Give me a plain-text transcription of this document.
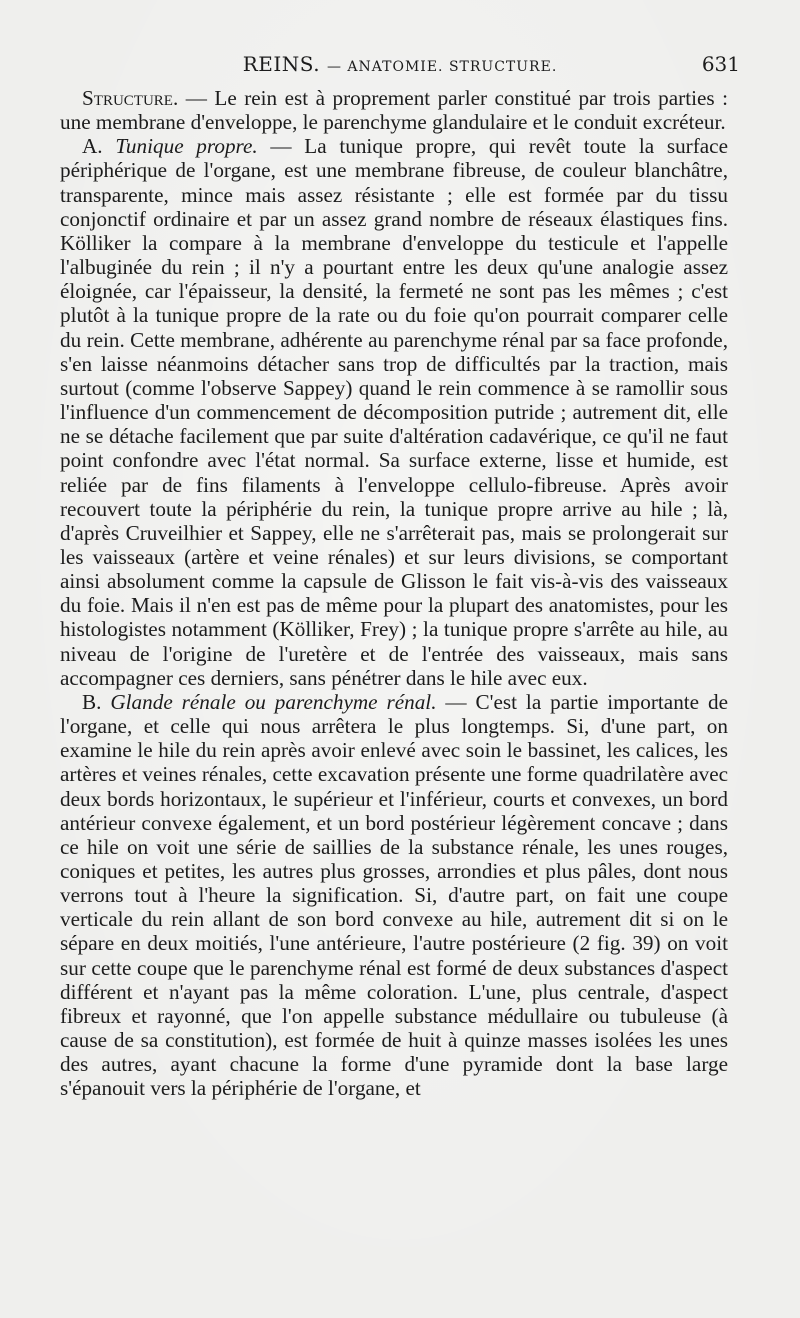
REINS. — ANATOMIE. STRUCTURE.	631

Structure. — Le rein est à proprement parler constitué par trois parties : une membrane d'enveloppe, le parenchyme glandulaire et le conduit excréteur.

A. Tunique propre. — La tunique propre, qui revêt toute la surface périphérique de l'organe, est une membrane fibreuse, de couleur blanchâtre, transparente, mince mais assez résistante ; elle est formée par du tissu conjonctif ordinaire et par un assez grand nombre de réseaux élastiques fins. Kölliker la compare à la membrane d'enveloppe du testicule et l'appelle l'albuginée du rein ; il n'y a pourtant entre les deux qu'une analogie assez éloignée, car l'épaisseur, la densité, la fermeté ne sont pas les mêmes ; c'est plutôt à la tunique propre de la rate ou du foie qu'on pourrait comparer celle du rein. Cette membrane, adhérente au parenchyme rénal par sa face profonde, s'en laisse néanmoins détacher sans trop de difficultés par la traction, mais surtout (comme l'observe Sappey) quand le rein commence à se ramollir sous l'influence d'un commencement de décomposition putride ; autrement dit, elle ne se détache facilement que par suite d'altération cadavérique, ce qu'il ne faut point confondre avec l'état normal. Sa surface externe, lisse et humide, est reliée par de fins filaments à l'enveloppe cellulo-fibreuse. Après avoir recouvert toute la périphérie du rein, la tunique propre arrive au hile ; là, d'après Cruveilhier et Sappey, elle ne s'arrêterait pas, mais se prolongerait sur les vaisseaux (artère et veine rénales) et sur leurs divisions, se comportant ainsi absolument comme la capsule de Glisson le fait vis-à-vis des vaisseaux du foie. Mais il n'en est pas de même pour la plupart des anatomistes, pour les histologistes notamment (Kölliker, Frey) ; la tunique propre s'arrête au hile, au niveau de l'origine de l'uretère et de l'entrée des vaisseaux, mais sans accompagner ces derniers, sans pénétrer dans le hile avec eux.

B. Glande rénale ou parenchyme rénal. — C'est la partie importante de l'organe, et celle qui nous arrêtera le plus longtemps. Si, d'une part, on examine le hile du rein après avoir enlevé avec soin le bassinet, les calices, les artères et veines rénales, cette excavation présente une forme quadrilatère avec deux bords horizontaux, le supérieur et l'inférieur, courts et convexes, un bord antérieur convexe également, et un bord postérieur légèrement concave ; dans ce hile on voit une série de saillies de la substance rénale, les unes rouges, coniques et petites, les autres plus grosses, arrondies et plus pâles, dont nous verrons tout à l'heure la signification. Si, d'autre part, on fait une coupe verticale du rein allant de son bord convexe au hile, autrement dit si on le sépare en deux moitiés, l'une antérieure, l'autre postérieure (2 fig. 39) on voit sur cette coupe que le parenchyme rénal est formé de deux substances d'aspect différent et n'ayant pas la même coloration. L'une, plus centrale, d'aspect fibreux et rayonné, que l'on appelle substance médullaire ou tubuleuse (à cause de sa constitution), est formée de huit à quinze masses isolées les unes des autres, ayant chacune la forme d'une pyramide dont la base large s'épanouit vers la périphérie de l'organe, et
